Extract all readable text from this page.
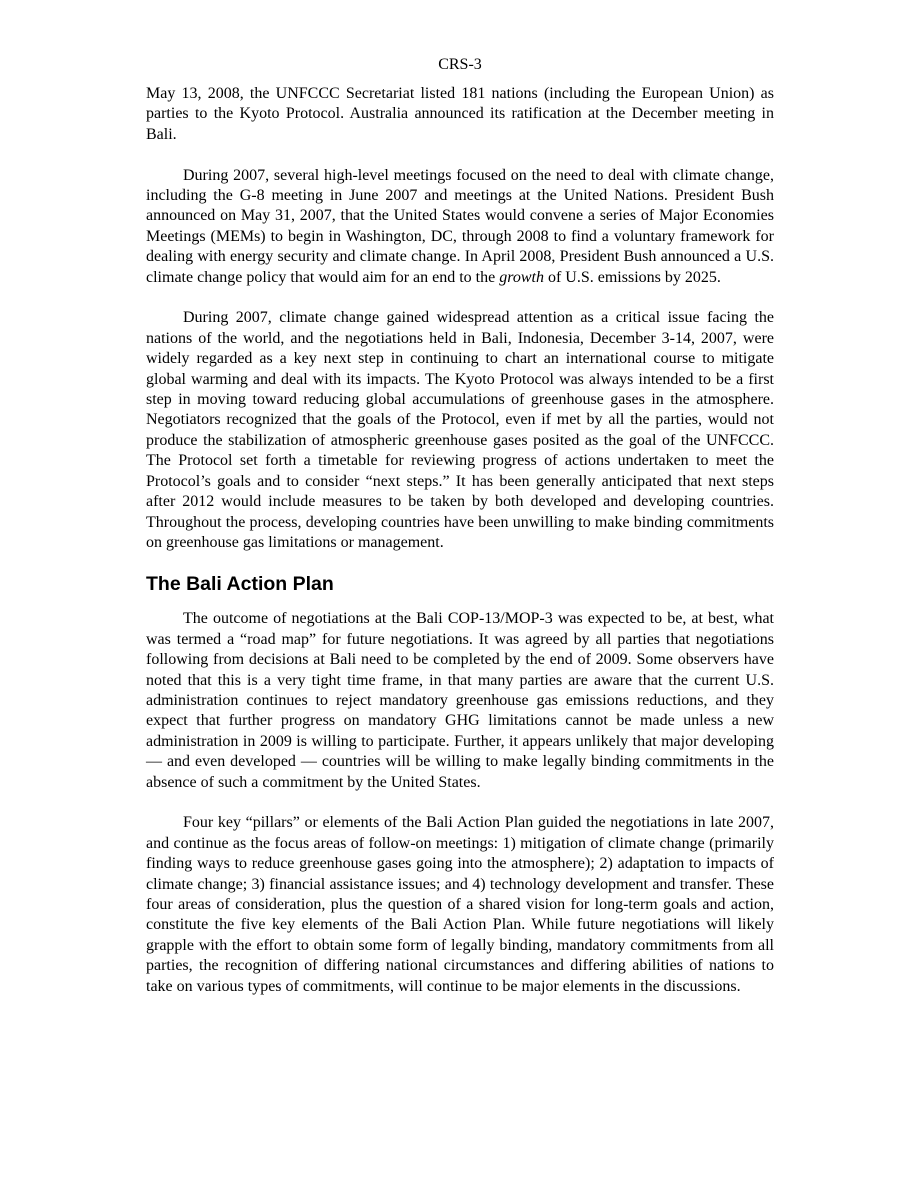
CRS-3

May 13, 2008, the UNFCCC Secretariat listed 181 nations (including the European Union) as parties to the Kyoto Protocol. Australia announced its ratification at the December meeting in Bali.

During 2007, several high-level meetings focused on the need to deal with climate change, including the G-8 meeting in June 2007 and meetings at the United Nations. President Bush announced on May 31, 2007, that the United States would convene a series of Major Economies Meetings (MEMs) to begin in Washington, DC, through 2008 to find a voluntary framework for dealing with energy security and climate change. In April 2008, President Bush announced a U.S. climate change policy that would aim for an end to the growth of U.S. emissions by 2025.

During 2007, climate change gained widespread attention as a critical issue facing the nations of the world, and the negotiations held in Bali, Indonesia, December 3-14, 2007, were widely regarded as a key next step in continuing to chart an international course to mitigate global warming and deal with its impacts. The Kyoto Protocol was always intended to be a first step in moving toward reducing global accumulations of greenhouse gases in the atmosphere. Negotiators recognized that the goals of the Protocol, even if met by all the parties, would not produce the stabilization of atmospheric greenhouse gases posited as the goal of the UNFCCC. The Protocol set forth a timetable for reviewing progress of actions undertaken to meet the Protocol’s goals and to consider “next steps.” It has been generally anticipated that next steps after 2012 would include measures to be taken by both developed and developing countries. Throughout the process, developing countries have been unwilling to make binding commitments on greenhouse gas limitations or management.

The Bali Action Plan

The outcome of negotiations at the Bali COP-13/MOP-3 was expected to be, at best, what was termed a “road map” for future negotiations. It was agreed by all parties that negotiations following from decisions at Bali need to be completed by the end of 2009. Some observers have noted that this is a very tight time frame, in that many parties are aware that the current U.S. administration continues to reject mandatory greenhouse gas emissions reductions, and they expect that further progress on mandatory GHG limitations cannot be made unless a new administration in 2009 is willing to participate. Further, it appears unlikely that major developing — and even developed — countries will be willing to make legally binding commitments in the absence of such a commitment by the United States.

Four key “pillars” or elements of the Bali Action Plan guided the negotiations in late 2007, and continue as the focus areas of follow-on meetings: 1) mitigation of climate change (primarily finding ways to reduce greenhouse gases going into the atmosphere); 2) adaptation to impacts of climate change; 3) financial assistance issues; and 4) technology development and transfer. These four areas of consideration, plus the question of a shared vision for long-term goals and action, constitute the five key elements of the Bali Action Plan. While future negotiations will likely grapple with the effort to obtain some form of legally binding, mandatory commitments from all parties, the recognition of differing national circumstances and differing abilities of nations to take on various types of commitments, will continue to be major elements in the discussions.
